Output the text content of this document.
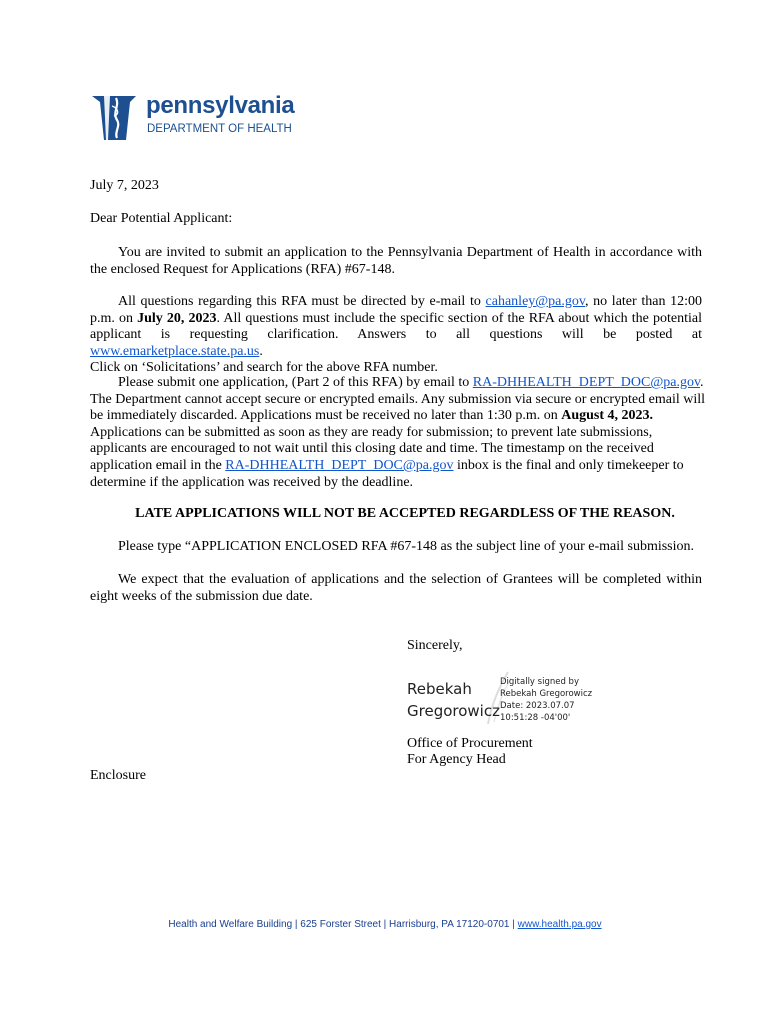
pennsylvania
DEPARTMENT OF HEALTH
July 7, 2023
Dear Potential Applicant:
You are invited to submit an application to the Pennsylvania Department of Health in accordance with
the enclosed Request for Applications (RFA) #67-148.
All questions regarding this RFA must be directed by e-mail to cahanley@pa.gov, no later than 12:00
p.m. on July 20, 2023. All questions must include the specific section of the RFA about which the potential
applicant is requesting clarification. Answers to all questions will be posted at www.emarketplace.state.pa.us.
Click on ‘Solicitations’ and search for the above RFA number.
Please submit one application, (Part 2 of this RFA) by email to RA-DHHEALTH_DEPT_DOC@pa.gov.
The Department cannot accept secure or encrypted emails. Any submission via secure or encrypted email will
be immediately discarded. Applications must be received no later than 1:30 p.m. on August 4, 2023.
Applications can be submitted as soon as they are ready for submission; to prevent late submissions,
applicants are encouraged to not wait until this closing date and time. The timestamp on the received
application email in the RA-DHHEALTH_DEPT_DOC@pa.gov inbox is the final and only timekeeper to
determine if the application was received by the deadline.
LATE APPLICATIONS WILL NOT BE ACCEPTED REGARDLESS OF THE REASON.
Please type “APPLICATION ENCLOSED RFA #67-148 as the subject line of your e-mail submission.
We expect that the evaluation of applications and the selection of Grantees will be completed within
eight weeks of the submission due date.
Sincerely,
Rebekah
Gregorowicz
Digitally signed by
Rebekah Gregorowicz
Date: 2023.07.07
10:51:28 -04'00'
Office of Procurement
For Agency Head
Enclosure
Health and Welfare Building | 625 Forster Street | Harrisburg, PA 17120-0701 | www.health.pa.gov
